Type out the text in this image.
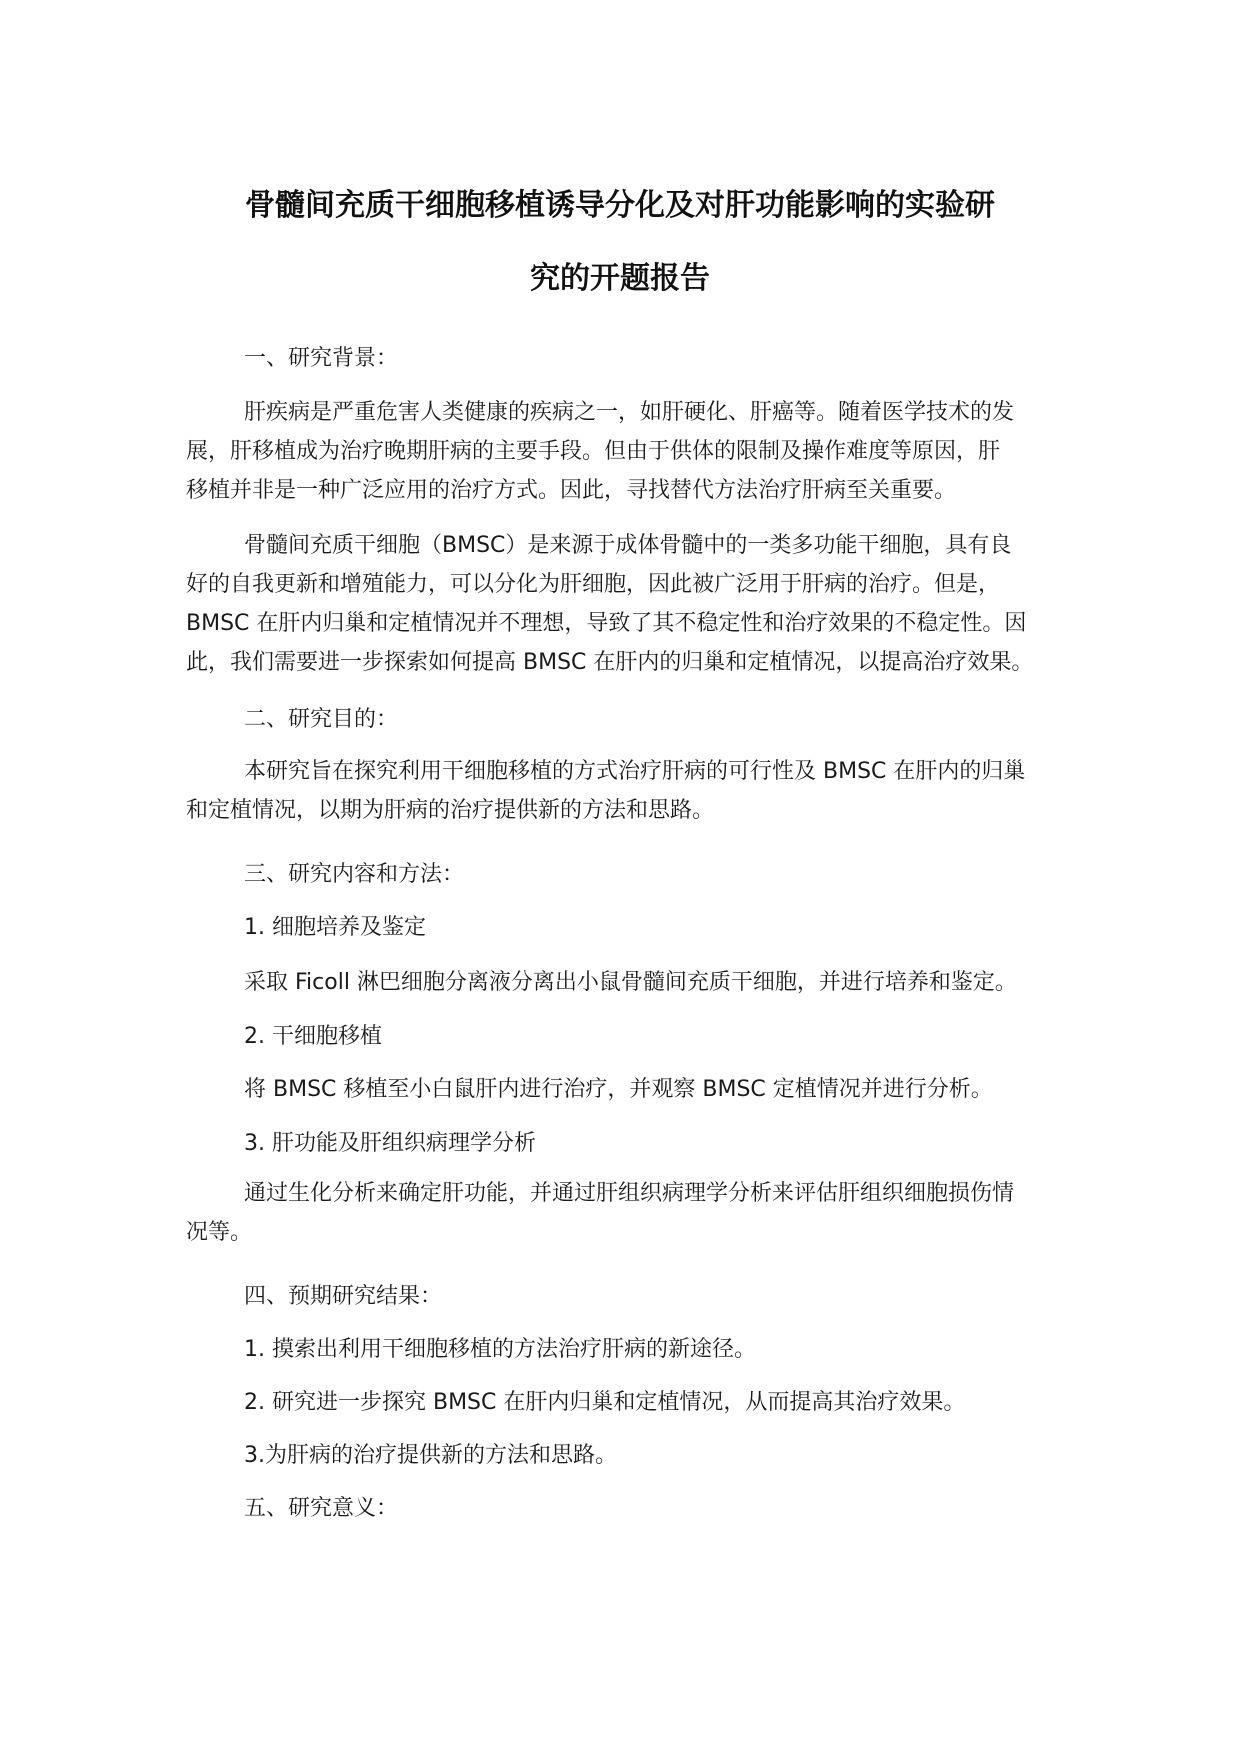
骨髓间充质干细胞移植诱导分化及对肝功能影响的实验研
究的开题报告
一、研究背景：
肝疾病是严重危害人类健康的疾病之一，如肝硬化、肝癌等。随着医学技术的发
展，肝移植成为治疗晚期肝病的主要手段。但由于供体的限制及操作难度等原因，肝
移植并非是一种广泛应用的治疗方式。因此，寻找替代方法治疗肝病至关重要。
骨髓间充质干细胞（BMSC）是来源于成体骨髓中的一类多功能干细胞，具有良
好的自我更新和增殖能力，可以分化为肝细胞，因此被广泛用于肝病的治疗。但是，
BMSC 在肝内归巢和定植情况并不理想，导致了其不稳定性和治疗效果的不稳定性。因
此，我们需要进一步探索如何提高 BMSC 在肝内的归巢和定植情况，以提高治疗效果。
二、研究目的：
本研究旨在探究利用干细胞移植的方式治疗肝病的可行性及 BMSC 在肝内的归巢
和定植情况，以期为肝病的治疗提供新的方法和思路。
三、研究内容和方法：
1. 细胞培养及鉴定
采取 Ficoll 淋巴细胞分离液分离出小鼠骨髓间充质干细胞，并进行培养和鉴定。
2. 干细胞移植
将 BMSC 移植至小白鼠肝内进行治疗，并观察 BMSC 定植情况并进行分析。
3. 肝功能及肝组织病理学分析
通过生化分析来确定肝功能，并通过肝组织病理学分析来评估肝组织细胞损伤情
况等。
四、预期研究结果：
1. 摸索出利用干细胞移植的方法治疗肝病的新途径。
2. 研究进一步探究 BMSC 在肝内归巢和定植情况，从而提高其治疗效果。
3.为肝病的治疗提供新的方法和思路。
五、研究意义：
